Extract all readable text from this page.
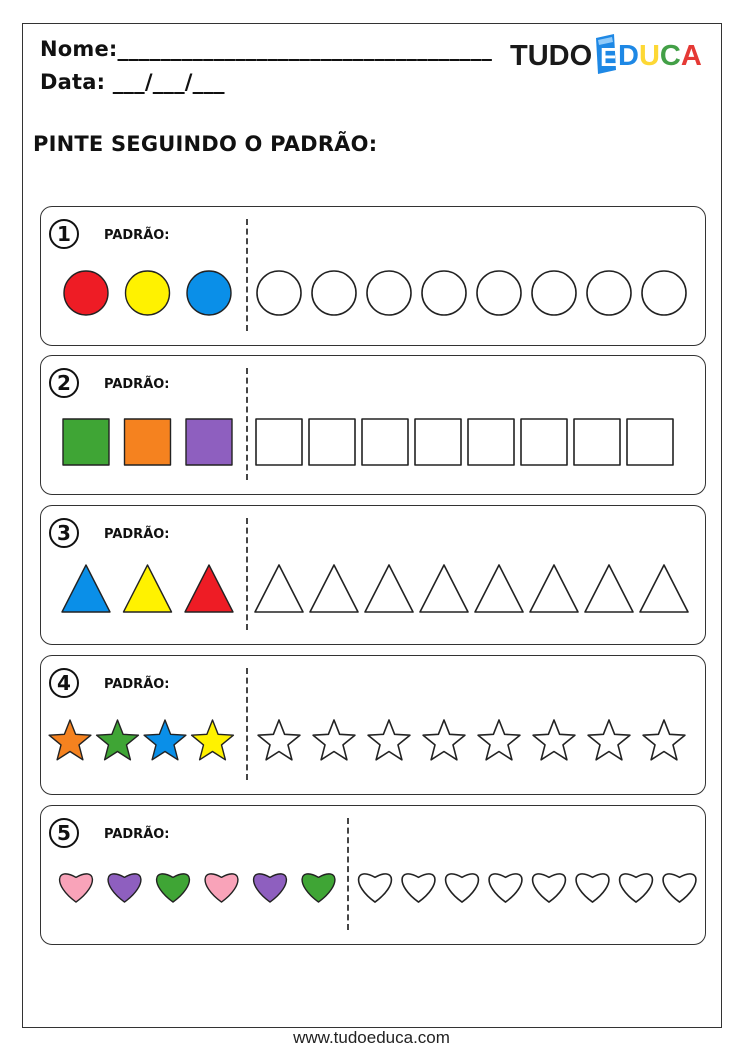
Nome:___________________________________
Data: ___/___/___
TUDO E DUCA
PINTE SEGUINDO O PADRÃO:
1	PADRÃO:
2	PADRÃO:
3	PADRÃO:
4	PADRÃO:
5	PADRÃO:
www.tudoeduca.com
